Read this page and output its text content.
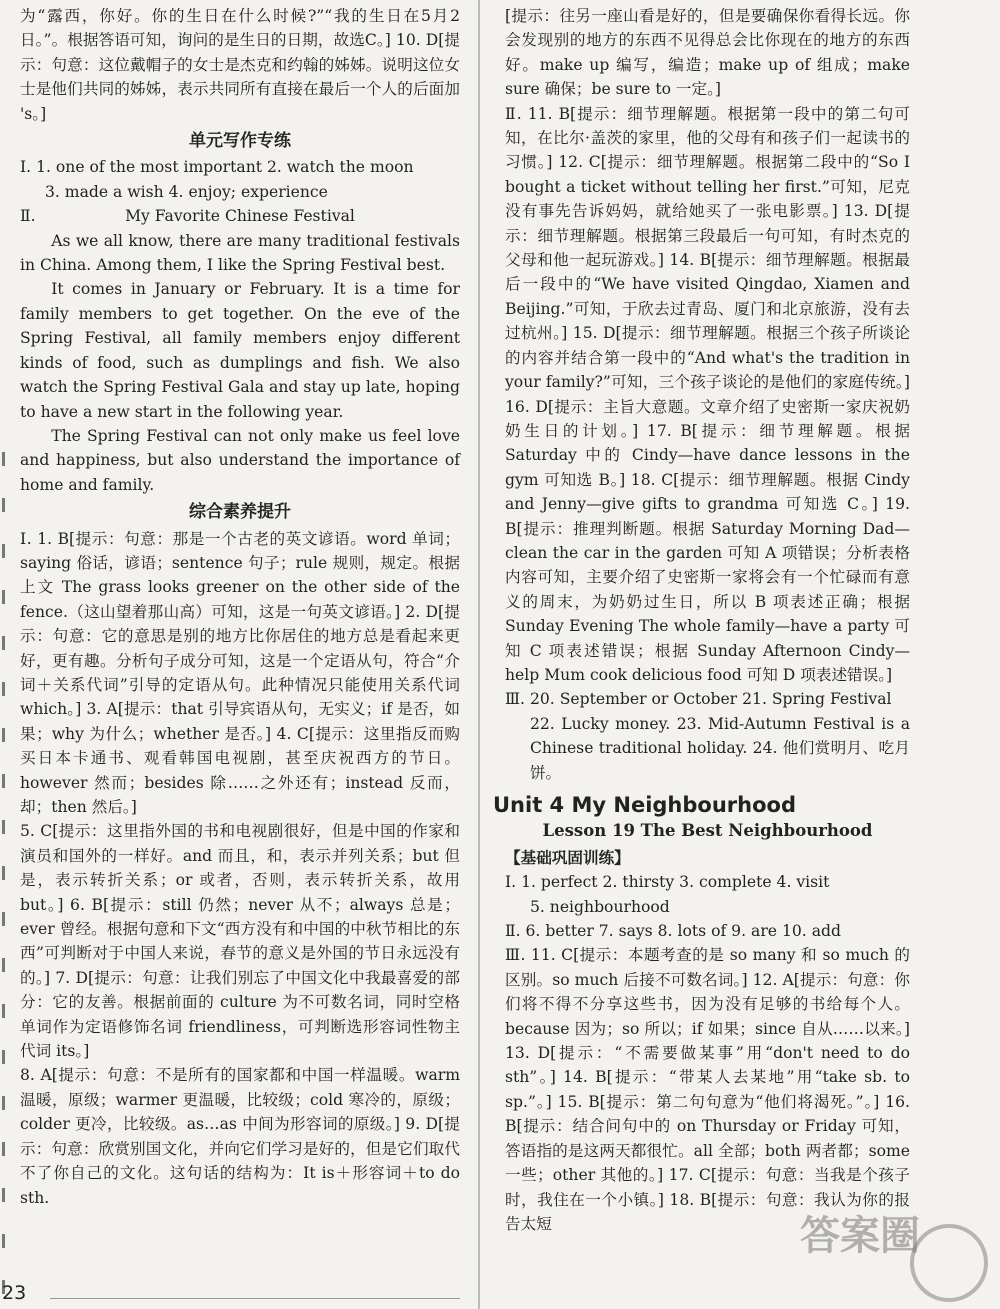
为“露西，你好。你的生日在什么时候?”“我的生日在5月2日。”。根据答语可知，询问的是生日的日期，故选C。] 10. D[提示：句意：这位戴帽子的女士是杰克和约翰的姊姊。说明这位女士是他们共同的姊姊，表示共同所有直接在最后一个人的后面加 's。]

单元写作专练

Ⅰ. 1. one of the most important 2. watch the moon

3. made a wish 4. enjoy; experience

Ⅱ.	My Favorite Chinese Festival

As we all know, there are many traditional festivals in China. Among them, I like the Spring Festival best.

It comes in January or February. It is a time for family members to get together. On the eve of the Spring Festival, all family members enjoy different kinds of food, such as dumplings and fish. We also watch the Spring Festival Gala and stay up late, hoping to have a new start in the following year.

The Spring Festival can not only make us feel love and happiness, but also understand the importance of home and family.

综合素养提升

Ⅰ. 1. B[提示：句意：那是一个古老的英文谚语。word 单词；saying 俗话，谚语；sentence 句子；rule 规则，规定。根据上文 The grass looks greener on the other side of the fence.（这山望着那山高）可知，这是一句英文谚语。] 2. D[提示：句意：它的意思是别的地方比你居住的地方总是看起来更好，更有趣。分析句子成分可知，这是一个定语从句，符合“介词＋关系代词”引导的定语从句。此种情况只能使用关系代词 which。] 3. A[提示：that 引导宾语从句，无实义；if 是否，如果；why 为什么；whether 是否。] 4. C[提示：这里指反而购买日本卡通书、观看韩国电视剧，甚至庆祝西方的节日。however 然而；besides 除……之外还有；instead 反而，却；then 然后。]

5. C[提示：这里指外国的书和电视剧很好，但是中国的作家和演员和国外的一样好。and 而且，和，表示并列关系；but 但是，表示转折关系；or 或者，否则，表示转折关系，故用 but。] 6. B[提示：still 仍然；never 从不；always 总是；ever 曾经。根据句意和下文“西方没有和中国的中秋节相比的东西”可判断对于中国人来说，春节的意义是外国的节日永远没有的。] 7. D[提示：句意：让我们别忘了中国文化中我最喜爱的部分：它的友善。根据前面的 culture 为不可数名词，同时空格单词作为定语修饰名词 friendliness，可判断选形容词性物主代词 its。]

8. A[提示：句意：不是所有的国家都和中国一样温暖。warm 温暖，原级；warmer 更温暖，比较级；cold 寒冷的，原级；colder 更冷，比较级。as…as 中间为形容词的原级。] 9. D[提示：句意：欣赏别国文化，并向它们学习是好的，但是它们取代不了你自己的文化。这句话的结构为：It is＋形容词＋to do sth.

[提示：往另一座山看是好的，但是要确保你看得长远。你会发现别的地方的东西不见得总会比你现在的地方的东西好。make up 编写，编造；make up of 组成；make sure 确保；be sure to 一定。]

Ⅱ. 11. B[提示：细节理解题。根据第一段中的第二句可知，在比尔·盖茨的家里，他的父母有和孩子们一起读书的习惯。] 12. C[提示：细节理解题。根据第二段中的“So I bought a ticket without telling her first.”可知，尼克没有事先告诉妈妈，就给她买了一张电影票。] 13. D[提示：细节理解题。根据第三段最后一句可知，有时杰克的父母和他一起玩游戏。] 14. B[提示：细节理解题。根据最后一段中的“We have visited Qingdao, Xiamen and Beijing.”可知，于欣去过青岛、厦门和北京旅游，没有去过杭州。] 15. D[提示：细节理解题。根据三个孩子所谈论的内容并结合第一段中的“And what's the tradition in your family?”可知，三个孩子谈论的是他们的家庭传统。] 16. D[提示：主旨大意题。文章介绍了史密斯一家庆祝奶奶生日的计划。] 17. B[提示：细节理解题。根据 Saturday 中的 Cindy—have dance lessons in the gym 可知选 B。] 18. C[提示：细节理解题。根据 Cindy and Jenny—give gifts to grandma 可知选 C。] 19. B[提示：推理判断题。根据 Saturday Morning Dad—clean the car in the garden 可知 A 项错误；分析表格内容可知，主要介绍了史密斯一家将会有一个忙碌而有意义的周末，为奶奶过生日，所以 B 项表述正确；根据 Sunday Evening The whole family—have a party 可知 C 项表述错误；根据 Sunday Afternoon Cindy—help Mum cook delicious food 可知 D 项表述错误。]

Ⅲ. 20. September or October 21. Spring Festival

22. Lucky money. 23. Mid-Autumn Festival is a Chinese traditional holiday. 24. 他们赏明月、吃月饼。

Unit 4 My Neighbourhood
Lesson 19 The Best Neighbourhood

【基础巩固训练】

Ⅰ. 1. perfect 2. thirsty 3. complete 4. visit

5. neighbourhood

Ⅱ. 6. better 7. says 8. lots of 9. are 10. add

Ⅲ. 11. C[提示：本题考查的是 so many 和 so much 的区别。so much 后接不可数名词。] 12. A[提示：句意：你们将不得不分享这些书，因为没有足够的书给每个人。because 因为；so 所以；if 如果；since 自从……以来。] 13. D[提示：“不需要做某事”用“don't need to do sth”。] 14. B[提示：“带某人去某地”用“take sb. to sp.”。] 15. B[提示：第二句句意为“他们将渴死。”。] 16. B[提示：结合问句中的 on Thursday or Friday 可知，答语指的是这两天都很忙。all 全部；both 两者都；some 一些；other 其他的。] 17. C[提示：句意：当我是个孩子时，我住在一个小镇。] 18. B[提示：句意：我认为你的报告太短

23
答案圈
